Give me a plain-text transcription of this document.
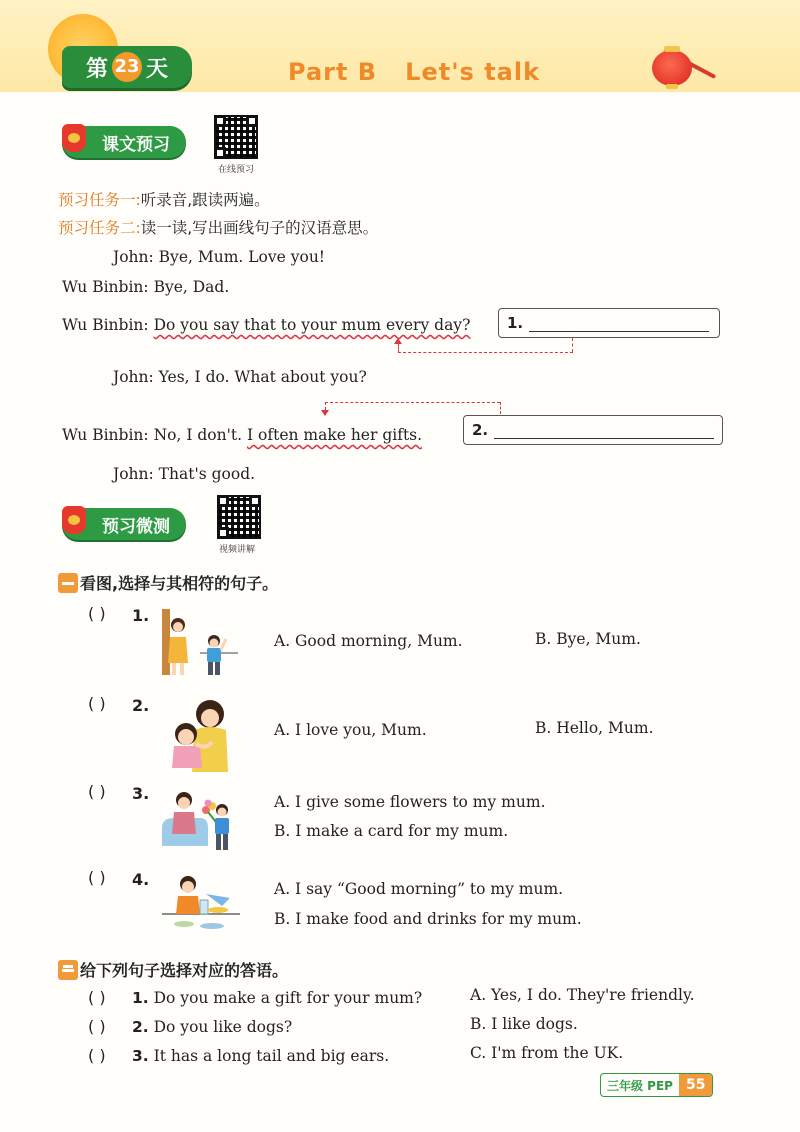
第 23 天	Part B   Let's talk
课文预习
在线预习
预习任务一:听录音,跟读两遍。
预习任务二:读一读,写出画线句子的汉语意思。
John: Bye, Mum. Love you!
Wu Binbin: Bye, Dad.
Wu Binbin: Do you say that to your mum every day? 1.
John: Yes, I do. What about you?
Wu Binbin: No, I don't. I often make her gifts.	2.
John: That's good.
预习微测
视频讲解
看图,选择与其相符的句子。
( ) 1.
A. Good morning, Mum.	B. Bye, Mum.
( ) 2.
A. I love you, Mum.	B. Hello, Mum.
( ) 3.	A. I give some flowers to my mum.
B. I make a card for my mum.
( ) 4.	A. I say “Good morning” to my mum.
B. I make food and drinks for my mum.
给下列句子选择对应的答语。
( ) 1. Do you make a gift for your mum?	A. Yes, I do. They're friendly.
( ) 2. Do you like dogs?	B. I like dogs.
( ) 3. It has a long tail and big ears.	C. I'm from the UK.
三年级 PEP 55
